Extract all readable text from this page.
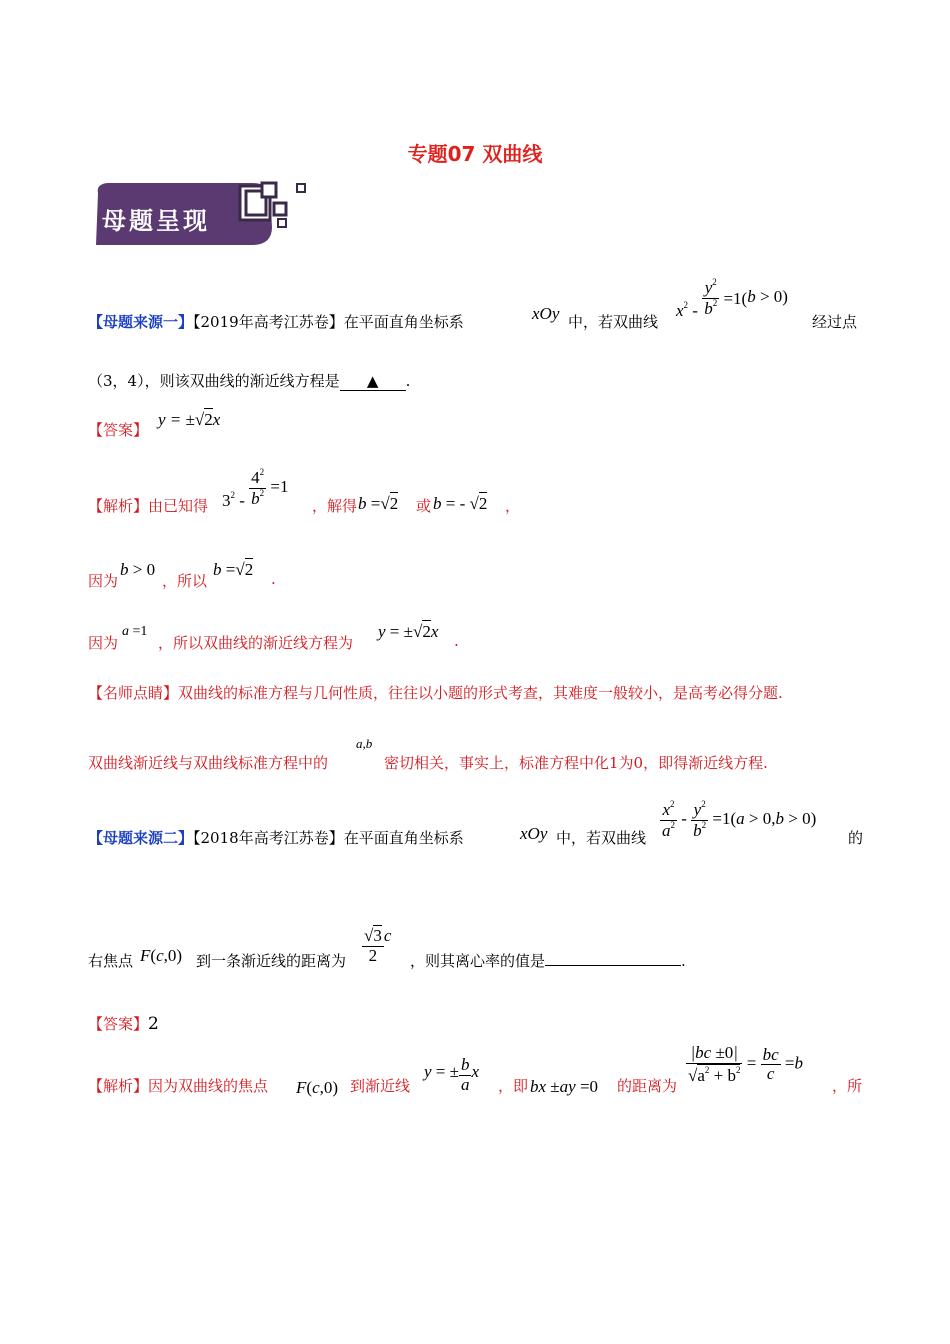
专题07 双曲线
母题呈现
【母题来源一】【2019年高考江苏卷】在平面直角坐标系	xOy 中，若双曲线
$x^2 - \frac{y^2}{b^2} =1(b > 0)$
经过点
（3，4），则该双曲线的渐近线方程是 ▲ .
【答案】
y = ±√2x
【解析】由已知得 $3^2 - \frac{4^2}{b^2} =1$
，解得 b =√2 或 b = - √2 ，
因为
b > 0
，所以
b =√2 .
因为
a =1
，所以双曲线的渐近线方程为
y = ±√2x .
【名师点睛】双曲线的标准方程与几何性质，往往以小题的形式考查，其难度一般较小，是高考必得分题.
双曲线渐近线与双曲线标准方程中的
a,b
密切相关，事实上，标准方程中化1为0，即得渐近线方程.
【母题来源二】【2018年高考江苏卷】在平面直角坐标系	xOy 中，若双曲线 $\frac{x^2}{a^2} - \frac{y^2}{b^2} =1(a > 0,b > 0)$
的
右焦点 F(c,0) 到一条渐近线的距离为 $\frac{√3}{2}$ c
，则其离心率的值是	.
【答案】2
【解析】因为双曲线的焦点 F(c,0) 到渐近线
y = ± $\frac{b}{a}$ x
，即 bx ±ay =0 的距离为
$\frac{|bc \pm 0|}{√a^2 + b^2} = \frac{bc}{c} =b$
，所
